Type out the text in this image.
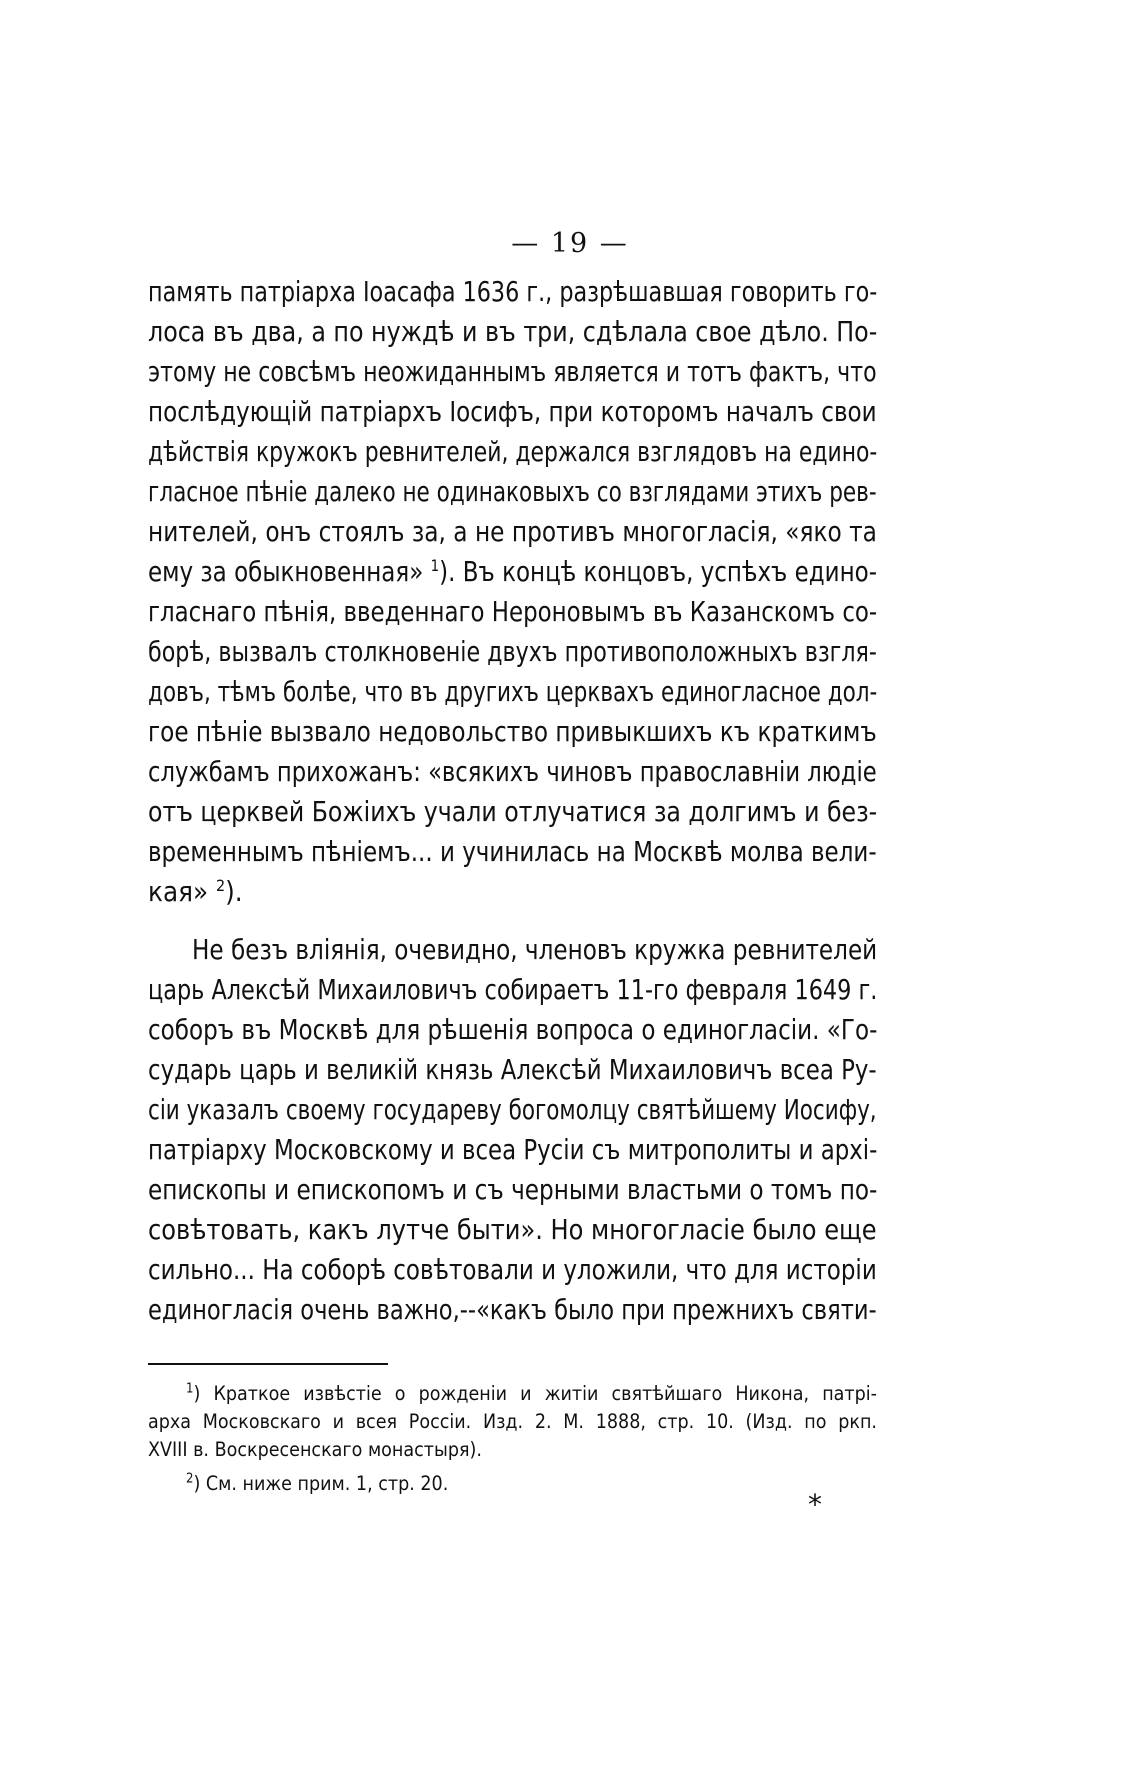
— 19 —
память патріарха Іоасафа 1636 г., разрѣшавшая говорить го-
лоса въ два, а по нуждѣ и въ три, сдѣлала свое дѣло. По-
этому не совсѣмъ неожиданнымъ является и тотъ фактъ, что
послѣдующій патріархъ Іосифъ, при которомъ началъ свои
дѣйствія кружокъ ревнителей, держался взглядовъ на едино-
гласное пѣніе далеко не одинаковыхъ со взглядами этихъ рев-
нителей, онъ стоялъ за, а не противъ многогласія, «яко та
ему за обыкновенная» $^1$). Въ концѣ концовъ, успѣхъ едино-
гласнаго пѣнія, введеннаго Нероновымъ въ Казанскомъ со-
борѣ, вызвалъ столкновеніе двухъ противоположныхъ взгля-
довъ, тѣмъ болѣе, что въ другихъ церквахъ единогласное дол-
гое пѣніе вызвало недовольство привыкшихъ къ краткимъ
службамъ прихожанъ: «всякихъ чиновъ православніи людіе
отъ церквей Божіихъ учали отлучатися за долгимъ и без-
временнымъ пѣніемъ... и учинилась на Москвѣ молва вели-
кая» $^2$).
Не безъ вліянія, очевидно, членовъ кружка ревнителей
царь Алексѣй Михаиловичъ собираетъ 11-го февраля 1649 г.
соборъ въ Москвѣ для рѣшенія вопроса о единогласіи. «Го-
сударь царь и великій князь Алексѣй Михаиловичъ всеа Ру-
сіи указалъ своему государеву богомолцу святѣйшему Иосифу,
патріарху Московскому и всеа Русіи съ митрополиты и архі-
епископы и епископомъ и съ черными властьми о томъ по-
совѣтовать, какъ лутче быти». Но многогласіе было еще
сильно... На соборѣ совѣтовали и уложили, что для исторіи
единогласія очень важно,--«какъ было при прежнихъ святи-
$^1$) Краткое извѣстіе о рожденіи и житіи святѣйшаго Никона, патрі-
арха Московскаго и всея Россіи. Изд. 2. М. 1888, стр. 10. (Изд. по ркп.
XVIII в. Воскресенскаго монастыря).
$^2$) См. ниже прим. 1, стр. 20.
*
